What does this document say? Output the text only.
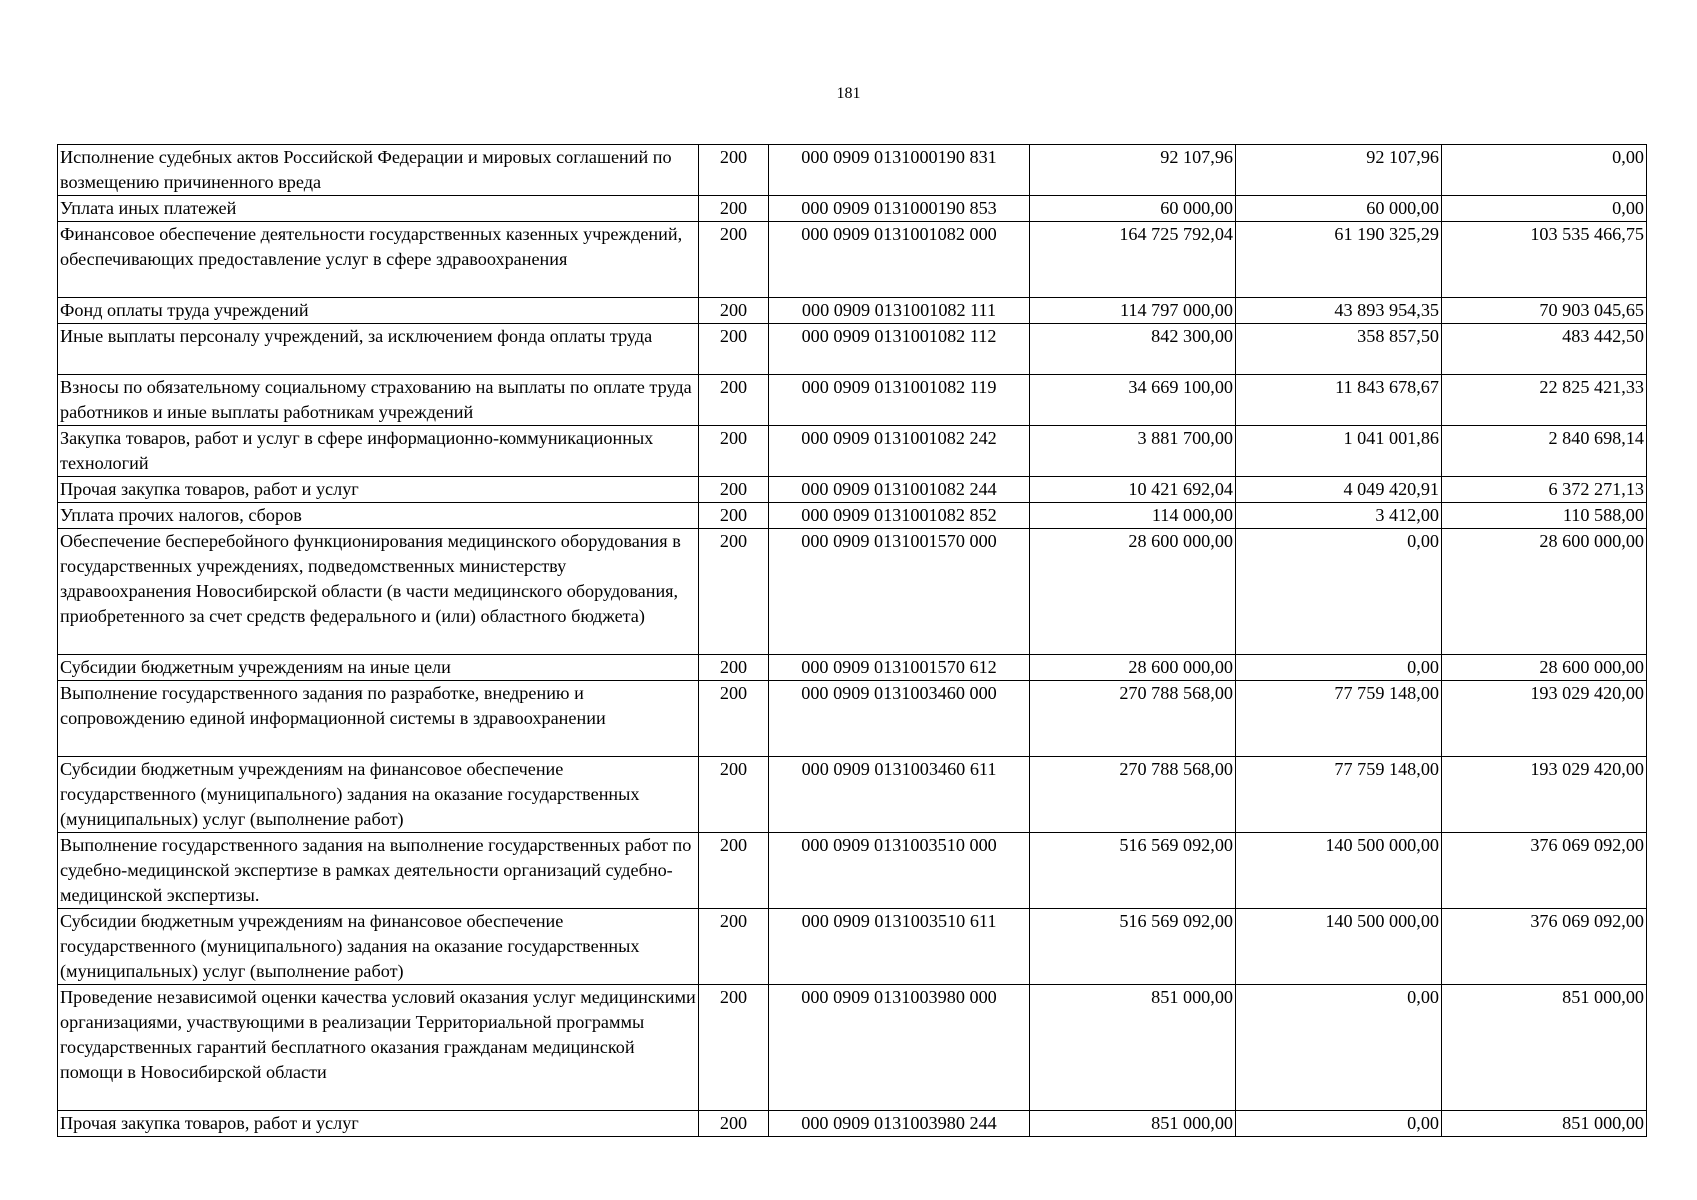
181
Исполнение судебных актов Российской Федерации и мировых соглашений по возмещению причиненного вреда	200	000 0909 0131000190 831	92 107,96	92 107,96	0,00
Уплата иных платежей	200	000 0909 0131000190 853	60 000,00	60 000,00	0,00
Финансовое обеспечение деятельности государственных казенных учреждений, обеспечивающих предоставление услуг в сфере здравоохранения	200	000 0909 0131001082 000	164 725 792,04	61 190 325,29	103 535 466,75
Фонд оплаты труда учреждений	200	000 0909 0131001082 111	114 797 000,00	43 893 954,35	70 903 045,65
Иные выплаты персоналу учреждений, за исключением фонда оплаты труда	200	000 0909 0131001082 112	842 300,00	358 857,50	483 442,50
Взносы по обязательному социальному страхованию на выплаты по оплате труда работников и иные выплаты работникам учреждений	200	000 0909 0131001082 119	34 669 100,00	11 843 678,67	22 825 421,33
Закупка товаров, работ и услуг в сфере информационно-коммуникационных технологий	200	000 0909 0131001082 242	3 881 700,00	1 041 001,86	2 840 698,14
Прочая закупка товаров, работ и услуг	200	000 0909 0131001082 244	10 421 692,04	4 049 420,91	6 372 271,13
Уплата прочих налогов, сборов	200	000 0909 0131001082 852	114 000,00	3 412,00	110 588,00
Обеспечение бесперебойного функционирования медицинского оборудования в государственных учреждениях, подведомственных министерству здравоохранения Новосибирской области (в части медицинского оборудования, приобретенного за счет средств федерального и (или) областного бюджета)	200	000 0909 0131001570 000	28 600 000,00	0,00	28 600 000,00
Субсидии бюджетным учреждениям на иные цели	200	000 0909 0131001570 612	28 600 000,00	0,00	28 600 000,00
Выполнение государственного задания по разработке, внедрению и сопровождению единой информационной системы в здравоохранении	200	000 0909 0131003460 000	270 788 568,00	77 759 148,00	193 029 420,00
Субсидии бюджетным учреждениям на финансовое обеспечение государственного (муниципального) задания на оказание государственных (муниципальных) услуг (выполнение работ)	200	000 0909 0131003460 611	270 788 568,00	77 759 148,00	193 029 420,00
Выполнение государственного задания на выполнение государственных работ по судебно-медицинской экспертизе в рамках деятельности организаций судебно-медицинской экспертизы.	200	000 0909 0131003510 000	516 569 092,00	140 500 000,00	376 069 092,00
Субсидии бюджетным учреждениям на финансовое обеспечение государственного (муниципального) задания на оказание государственных (муниципальных) услуг (выполнение работ)	200	000 0909 0131003510 611	516 569 092,00	140 500 000,00	376 069 092,00
Проведение независимой оценки качества условий оказания услуг медицинскими организациями, участвующими в реализации Территориальной программы государственных гарантий бесплатного оказания гражданам медицинской помощи в Новосибирской области	200	000 0909 0131003980 000	851 000,00	0,00	851 000,00
Прочая закупка товаров, работ и услуг	200	000 0909 0131003980 244	851 000,00	0,00	851 000,00
